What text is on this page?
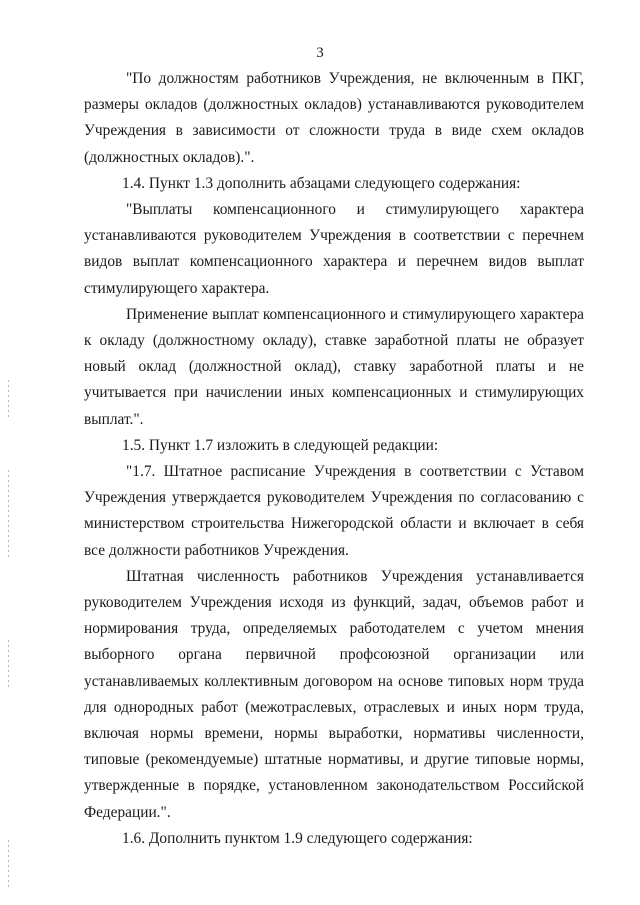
3

"По должностям работников Учреждения, не включенным в ПКГ, размеры окладов (должностных окладов) устанавливаются руководителем Учреждения в зависимости от сложности труда в виде схем окладов (должностных окладов).".

1.4. Пункт 1.3 дополнить абзацами следующего содержания:

"Выплаты компенсационного и стимулирующего характера устанавливаются руководителем Учреждения в соответствии с перечнем видов выплат компенсационного характера и перечнем видов выплат стимулирующего характера.

Применение выплат компенсационного и стимулирующего характера к окладу (должностному окладу), ставке заработной платы не образует новый оклад (должностной оклад), ставку заработной платы и не учитывается при начислении иных компенсационных и стимулирующих выплат.".

1.5. Пункт 1.7 изложить в следующей редакции:

"1.7. Штатное расписание Учреждения в соответствии с Уставом Учреждения утверждается руководителем Учреждения по согласованию с министерством строительства Нижегородской области и включает в себя все должности работников Учреждения.

Штатная численность работников Учреждения устанавливается руководителем Учреждения исходя из функций, задач, объемов работ и нормирования труда, определяемых работодателем с учетом мнения выборного органа первичной профсоюзной организации или устанавливаемых коллективным договором на основе типовых норм труда для однородных работ (межотраслевых, отраслевых и иных норм труда, включая нормы времени, нормы выработки, нормативы численности, типовые (рекомендуемые) штатные нормативы, и другие типовые нормы, утвержденные в порядке, установленном законодательством Российской Федерации.".

1.6. Дополнить пунктом 1.9 следующего содержания:
